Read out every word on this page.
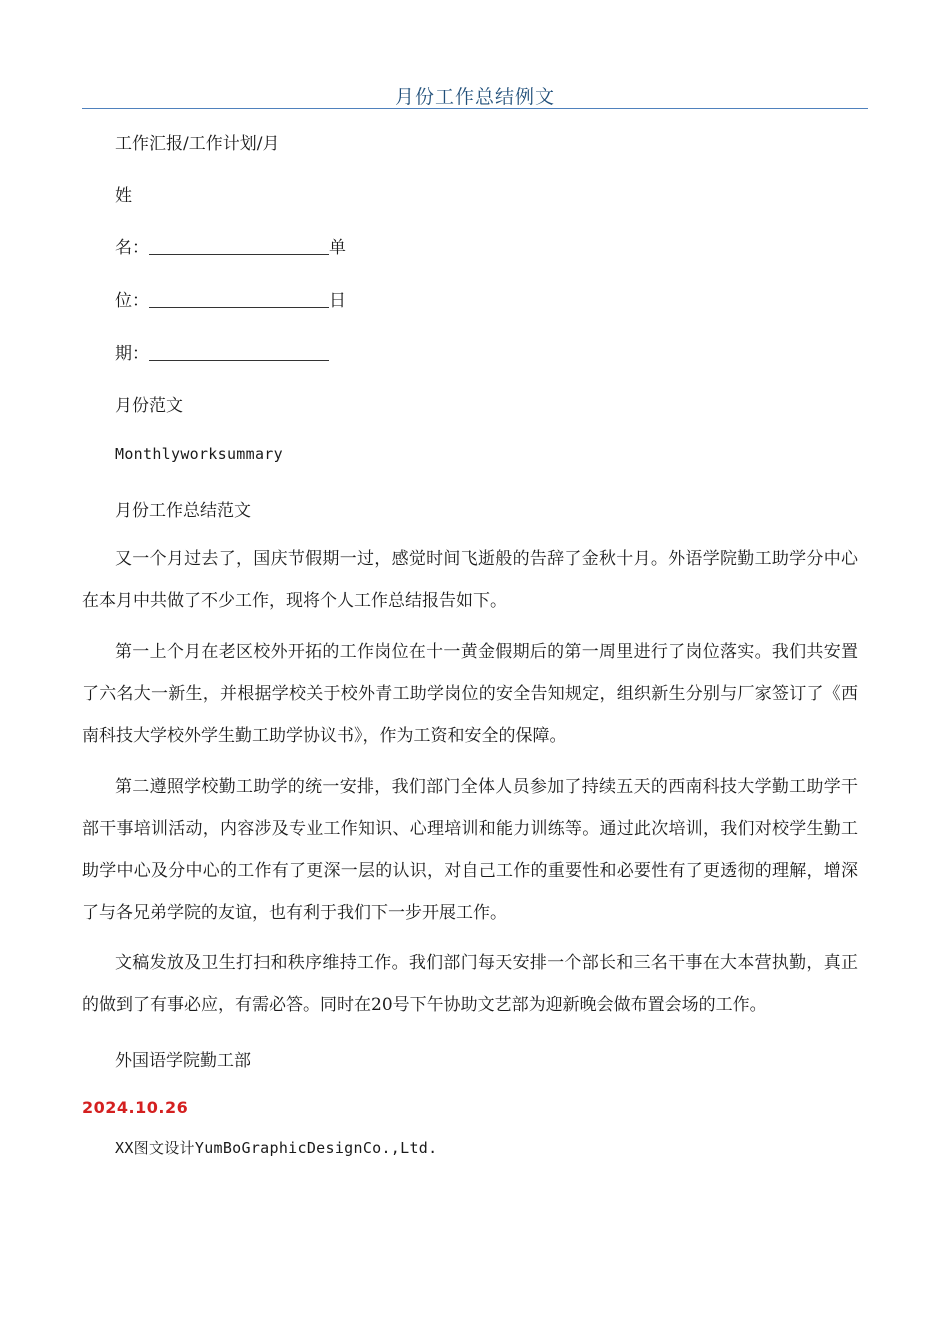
月份工作总结例文
工作汇报/工作计划/月
姓
名：	单
位：	日
期：
月份范文
Monthlyworksummary
月份工作总结范文
又一个月过去了，国庆节假期一过，感觉时间飞逝般的告辞了金秋十月。外语学院勤工助学分中心在本月中共做了不少工作，现将个人工作总结报告如下。
第一上个月在老区校外开拓的工作岗位在十一黄金假期后的第一周里进行了岗位落实。我们共安置了六名大一新生，并根据学校关于校外青工助学岗位的安全告知规定，组织新生分别与厂家签订了《西南科技大学校外学生勤工助学协议书》，作为工资和安全的保障。
第二遵照学校勤工助学的统一安排，我们部门全体人员参加了持续五天的西南科技大学勤工助学干部干事培训活动，内容涉及专业工作知识、心理培训和能力训练等。通过此次培训，我们对校学生勤工助学中心及分中心的工作有了更深一层的认识，对自己工作的重要性和必要性有了更透彻的理解，增深了与各兄弟学院的友谊，也有利于我们下一步开展工作。
文稿发放及卫生打扫和秩序维持工作。我们部门每天安排一个部长和三名干事在大本营执勤，真正的做到了有事必应，有需必答。同时在20号下午协助文艺部为迎新晚会做布置会场的工作。
外国语学院勤工部
2024.10.26
XX图文设计YumBoGraphicDesignCo.,Ltd.
